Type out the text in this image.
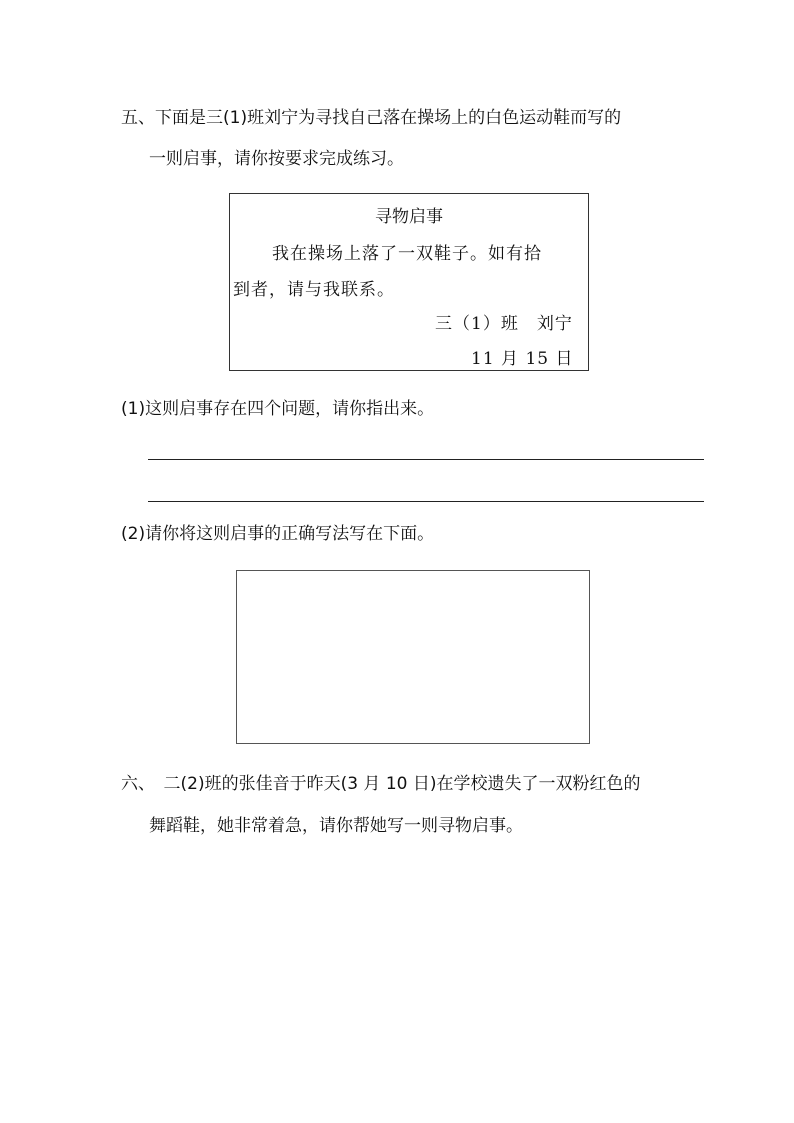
五、下面是三(1)班刘宁为寻找自己落在操场上的白色运动鞋而写的
一则启事，请你按要求完成练习。
寻物启事
我在操场上落了一双鞋子。如有拾
到者，请与我联系。
三（1）班　刘宁
11 月 15 日
(1)这则启事存在四个问题，请你指出来。
(2)请你将这则启事的正确写法写在下面。
六、　二(2)班的张佳音于昨天(3 月 10 日)在学校遗失了一双粉红色的
舞蹈鞋，她非常着急，请你帮她写一则寻物启事。
